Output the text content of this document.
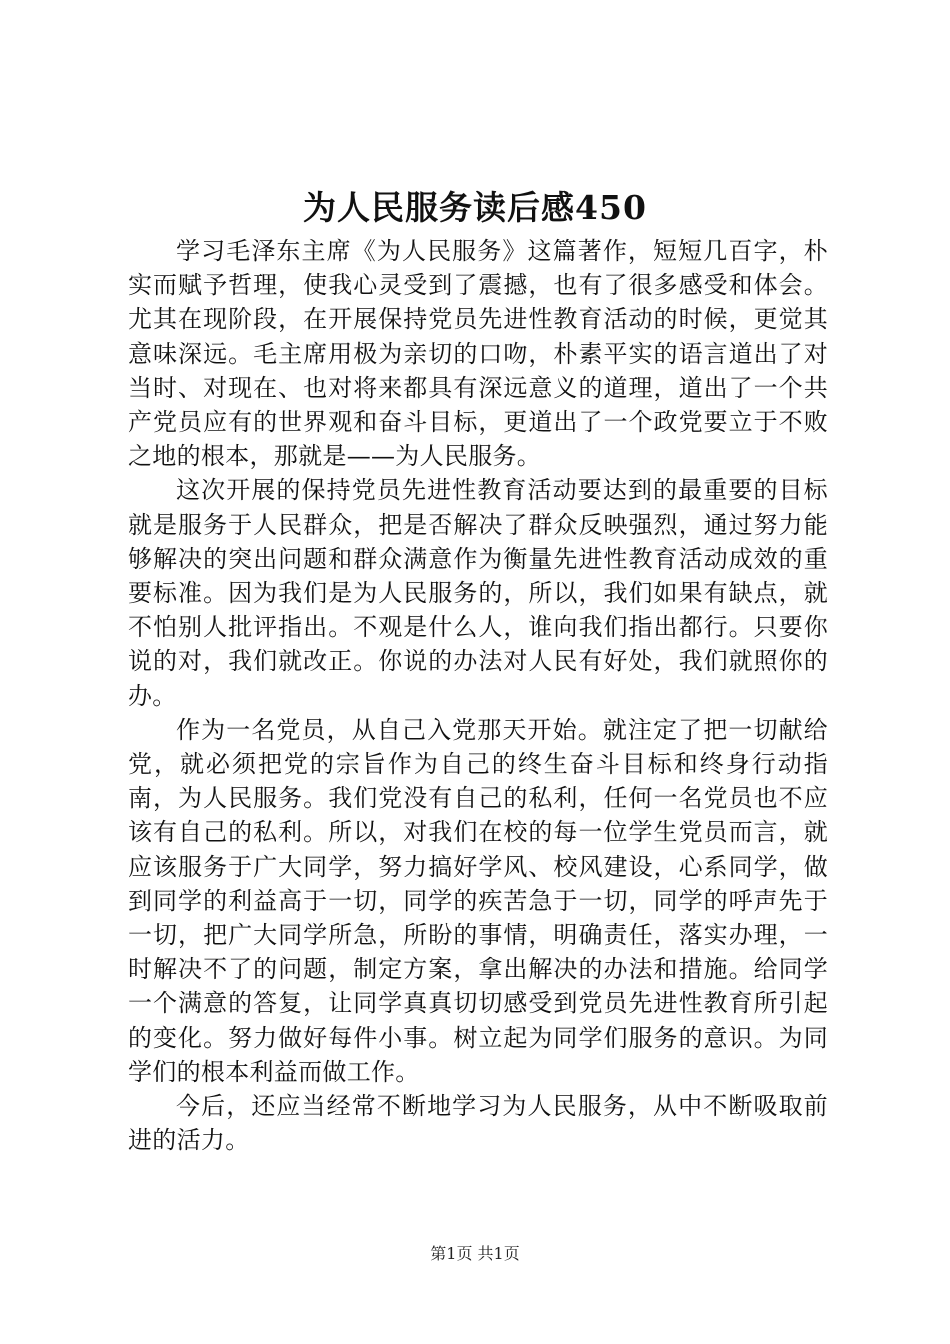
为人民服务读后感450

学习毛泽东主席《为人民服务》这篇著作，短短几百字，朴实而赋予哲理，使我心灵受到了震撼，也有了很多感受和体会。尤其在现阶段，在开展保持党员先进性教育活动的时候，更觉其意味深远。毛主席用极为亲切的口吻，朴素平实的语言道出了对当时、对现在、也对将来都具有深远意义的道理，道出了一个共产党员应有的世界观和奋斗目标，更道出了一个政党要立于不败之地的根本，那就是——为人民服务。

这次开展的保持党员先进性教育活动要达到的最重要的目标就是服务于人民群众，把是否解决了群众反映强烈，通过努力能够解决的突出问题和群众满意作为衡量先进性教育活动成效的重要标准。因为我们是为人民服务的，所以，我们如果有缺点，就不怕别人批评指出。不观是什么人，谁向我们指出都行。只要你说的对，我们就改正。你说的办法对人民有好处，我们就照你的办。

作为一名党员，从自己入党那天开始。就注定了把一切献给党，就必须把党的宗旨作为自己的终生奋斗目标和终身行动指南，为人民服务。我们党没有自己的私利，任何一名党员也不应该有自己的私利。所以，对我们在校的每一位学生党员而言，就应该服务于广大同学，努力搞好学风、校风建设，心系同学，做到同学的利益高于一切，同学的疾苦急于一切，同学的呼声先于一切，把广大同学所急，所盼的事情，明确责任，落实办理，一时解决不了的问题，制定方案，拿出解决的办法和措施。给同学一个满意的答复，让同学真真切切感受到党员先进性教育所引起的变化。努力做好每件小事。树立起为同学们服务的意识。为同学们的根本利益而做工作。

今后，还应当经常不断地学习为人民服务，从中不断吸取前进的活力。

第1页 共1页
